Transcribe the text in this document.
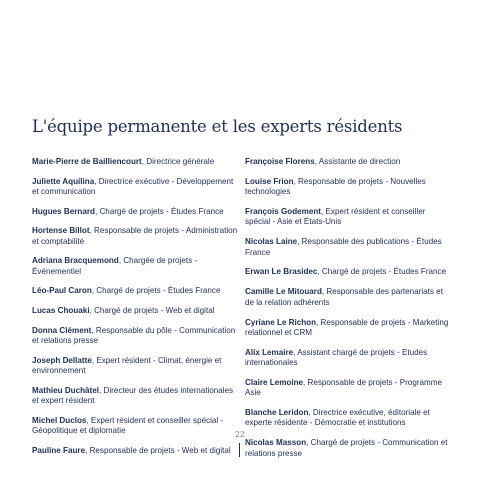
L'équipe permanente et les experts résidents
Marie-Pierre de Bailliencourt, Directrice générale
Juliette Aquilina, Directrice exécutive - Développement et communication
Hugues Bernard, Chargé de projets - Études France
Hortense Billot, Responsable de projets - Administration et comptabilité
Adriana Bracquemond, Chargée de projets - Événementiel
Léo-Paul Caron, Chargé de projets - Études France
Lucas Chouaki, Chargé de projets - Web et digital
Donna Clément, Responsable du pôle - Communication et relations presse
Joseph Dellatte, Expert résident - Climat, énergie et environnement
Mathieu Duchâtel, Directeur des études internationales et expert résident
Michel Duclos, Expert résident et conseiller spécial - Géopolitique et diplomatie
Pauline Faure, Responsable de projets - Web et digital
Françoise Florens, Assistante de direction
Louise Frion, Responsable de projets - Nouvelles technologies
François Godement, Expert résident et conseiller spécial - Asie et États-Unis
Nicolas Laine, Responsable des publications - Études France
Erwan Le Brasidec, Chargé de projets - Études France
Camille Le Mitouard, Responsable des partenariats et de la relation adhérents
Cyriane Le Richon, Responsable de projets - Marketing relationnel et CRM
Alix Lemaire, Assistant chargé de projets - Etudes internationales
Claire Lemoine, Responsable de projets - Programme Asie
Blanche Leridon, Directrice exécutive, éditoriale et experte résidente - Démocratie et institutions
Nicolas Masson, Chargé de projets - Communication et relations presse
22
